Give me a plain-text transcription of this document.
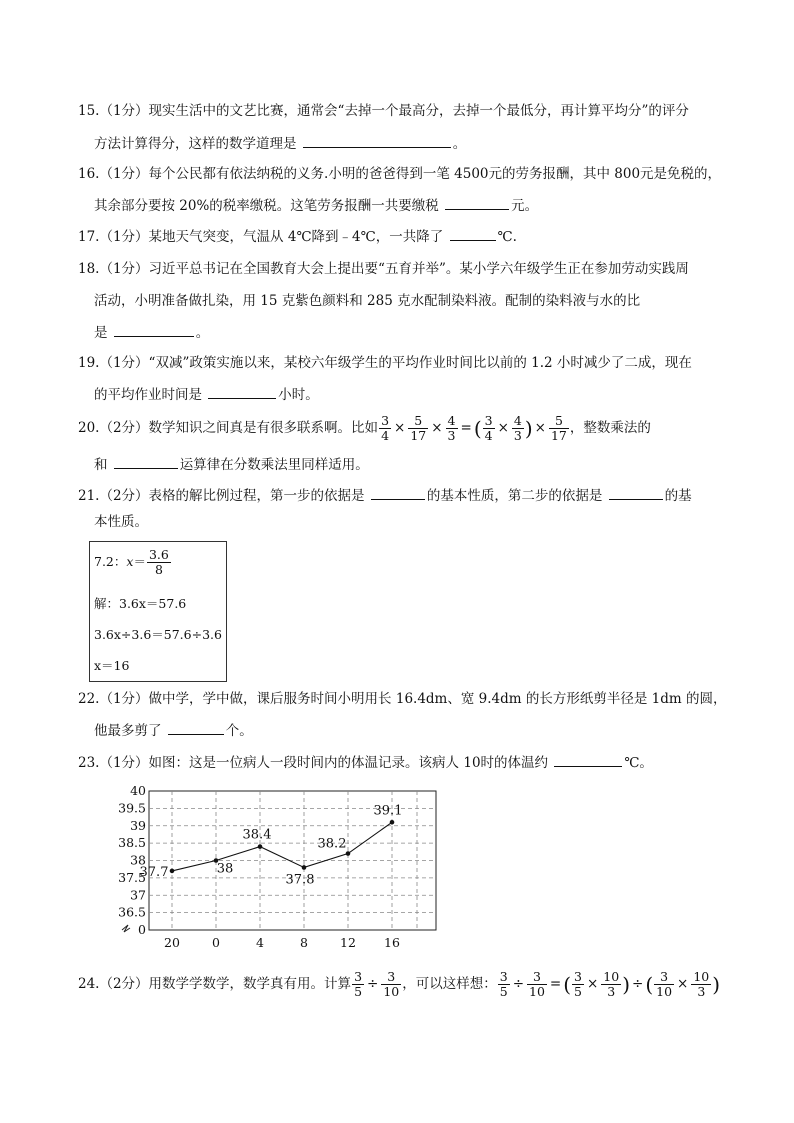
15.（1分）现实生活中的文艺比赛，通常会“去掉一个最高分，去掉一个最低分，再计算平均分”的评分
方法计算得分，这样的数学道理是	。
16.（1分）每个公民都有依法纳税的义务.小明的爸爸得到一笔 4500元的劳务报酬，其中 800元是免税的，
其余部分要按 20%的税率缴税。这笔劳务报酬一共要缴税	元。
17.（1分）某地天气突变，气温从 4℃降到﹣4℃，一共降了	℃.
18.（1分）习近平总书记在全国教育大会上提出要“五育并举”。某小学六年级学生正在参加劳动实践周
活动，小明准备做扎染，用 15 克紫色颜料和 285 克水配制染料液。配制的染料液与水的比
是	。
19.（1分）“双减”政策实施以来，某校六年级学生的平均作业时间比以前的 1.2 小时减少了二成，现在
的平均作业时间是	小时。
20.（2分）数学知识之间真是有很多联系啊。比如 $\frac{3}{4} \times \frac{5}{17} \times \frac{4}{3}$ = ( $\frac{3}{4} \times \frac{4}{3}$ ) × $\frac{5}{17}$ ，整数乘法的
和	运算律在分数乘法里同样适用。
21.（2分）表格的解比例过程，第一步的依据是	的基本性质，第二步的依据是	的基
本性质。
7.2：$x= \frac{3.6}{8}$
解：3.6x＝57.6
3.6x÷3.6＝57.6÷3.6
x＝16
22.（1分）做中学，学中做，课后服务时间小明用长 16.4dm、宽 9.4dm 的长方形纸剪半径是 1dm 的圆，
他最多剪了	个。
23.（1分）如图：这是一位病人一段时间内的体温记录。该病人 10时的体温约	℃。
0
36.5
37
37.5
38
38.5
39
39.5
40
20	0	4	8	12 16
37.7	38
38.4
37.8
38.2
39.1
24.（2分）用数学学数学，数学真有用。计算 $\frac{3}{5} \div \frac{3}{10}$ ，可以这样想： $\frac{3}{5} \div \frac{3}{10}$ = ( $\frac{3}{5} \times \frac{10}{3}$ ) ÷ ( $\frac{3}{10} \times \frac{10}{3}$ )
